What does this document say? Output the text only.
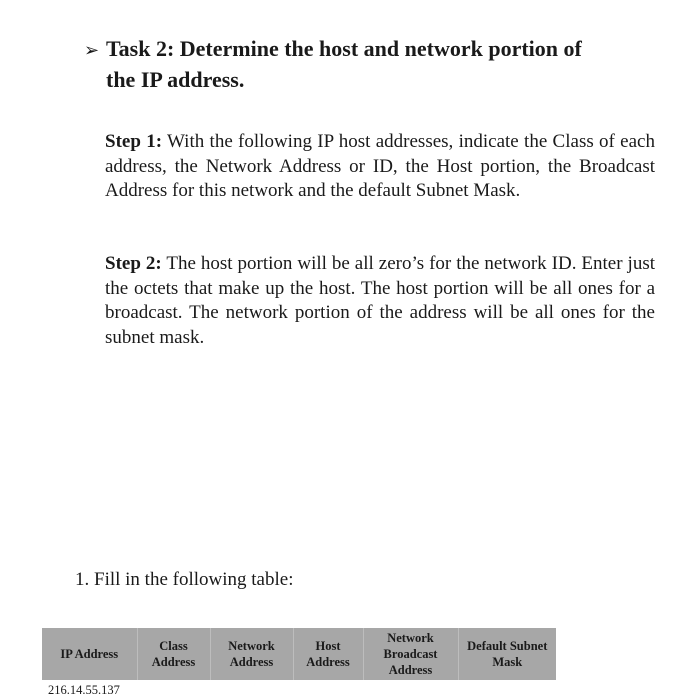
➢ Task 2: Determine the host and network portion of
the IP address.
Step 1: With the following IP host addresses, indicate the Class of each address, the Network Address or ID, the Host portion, the Broadcast Address for this network and the default Subnet Mask.
Step 2: The host portion will be all zero’s for the network ID. Enter just the octets that make up the host. The host portion will be all ones for a broadcast. The network portion of the address will be all ones for the subnet mask.
1. Fill in the following table:
IP Address	Class Address	Network Address	Host Address	Network Broadcast Address	Default Subnet Mask
216.14.55.137					
